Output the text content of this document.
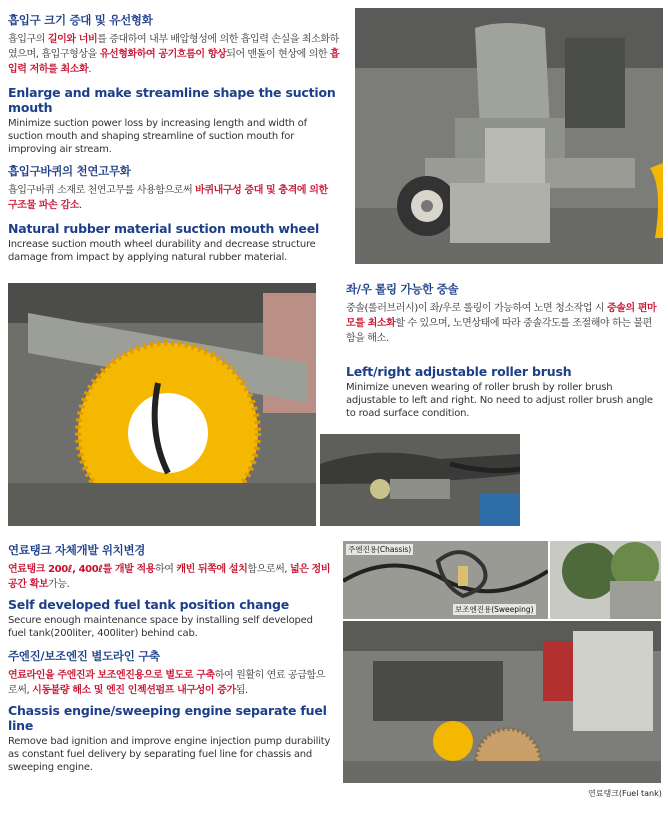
흡입구 크기 증대 및 유선형화
흡입구의 길이와 너비를 증대하여 내부 배압형성에 의한 흡입력 손실을 최소화하였으며, 흡입구형상을 유선형화하여 공기흐름이 향상되어 맨돌이 현상에 의한 흡입력 저하를 최소화.
Enlarge and make streamline shape the suction mouth
Minimize suction power loss by increasing length and width of suction mouth and shaping streamline of suction mouth for improving air stream.
흡입구바퀴의 천연고무화
흡입구바퀴 소재로 천연고무를 사용함으로써 바퀴내구성 증대 및 충격에 의한 구조물 파손 감소.
Natural rubber material suction mouth wheel
Increase suction mouth wheel durability and decrease structure damage from impact by applying natural rubber material.
좌/우 롤링 가능한 중솔
중솔(롤러브러시)이 좌/우로 롤링이 가능하여 노면 청소작업 시 중솔의 편마모를 최소화할 수 있으며, 노면상태에 따라 중솔각도를 조절해야 하는 불편함을 해소.
Left/right adjustable roller brush
Minimize uneven wearing of roller brush by roller brush adjustable to left and right. No need to adjust roller brush angle to road surface condition.
연료탱크 자체개발 위치변경
연료탱크 200ℓ, 400ℓ를 개발 적용하여 캐빈 뒤쪽에 설치함으로써, 넓은 정비공간 확보가능.
Self developed fuel tank position change
Secure enough maintenance space by installing self developed fuel tank(200liter, 400liter) behind cab.
주엔진/보조엔진 별도라인 구축
연료라인을 주엔진과 보조엔진용으로 별도로 구축하여 원활히 연료 공급함으로써, 시동불량 해소 및 엔진 인젝션펌프 내구성이 증가됨.
Chassis engine/sweeping engine separate fuel line
Remove bad ignition and improve engine injection pump durability as constant fuel delivery by separating fuel line for chassis and sweeping engine.
주엔진용(Chassis)
보조엔진용(Sweeping)
연료탱크(Fuel tank)
